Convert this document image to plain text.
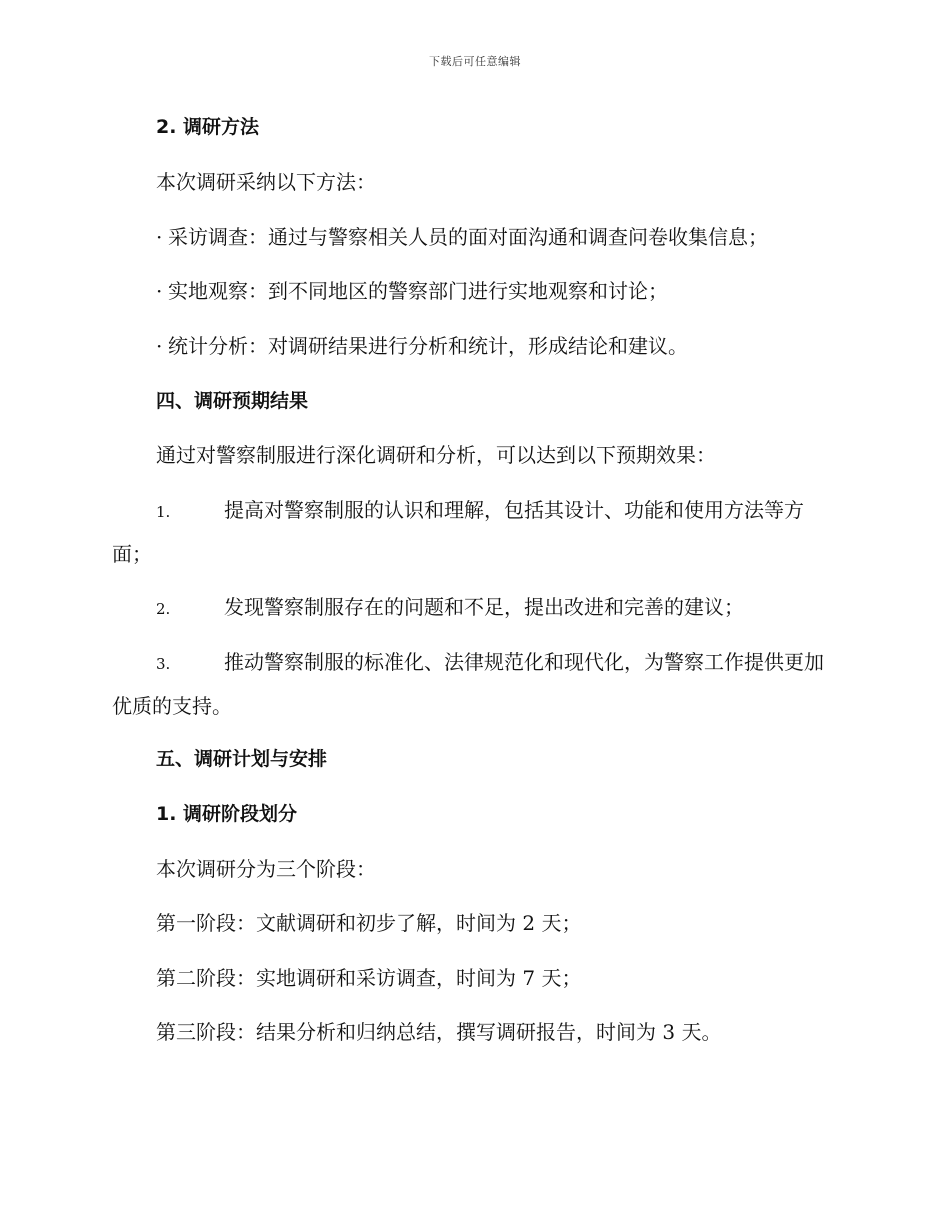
下载后可任意编辑
2. 调研方法
本次调研采纳以下方法：
· 采访调查：通过与警察相关人员的面对面沟通和调查问卷收集信息；
· 实地观察：到不同地区的警察部门进行实地观察和讨论；
· 统计分析：对调研结果进行分析和统计，形成结论和建议。
四、调研预期结果
通过对警察制服进行深化调研和分析，可以达到以下预期效果：
1.	提高对警察制服的认识和理解，包括其设计、功能和使用方法等方面；
2.	发现警察制服存在的问题和不足，提出改进和完善的建议；
3.	推动警察制服的标准化、法律规范化和现代化，为警察工作提供更加优质的支持。
五、调研计划与安排
1. 调研阶段划分
本次调研分为三个阶段：
第一阶段：文献调研和初步了解，时间为 2 天；
第二阶段：实地调研和采访调查，时间为 7 天；
第三阶段：结果分析和归纳总结，撰写调研报告，时间为 3 天。
